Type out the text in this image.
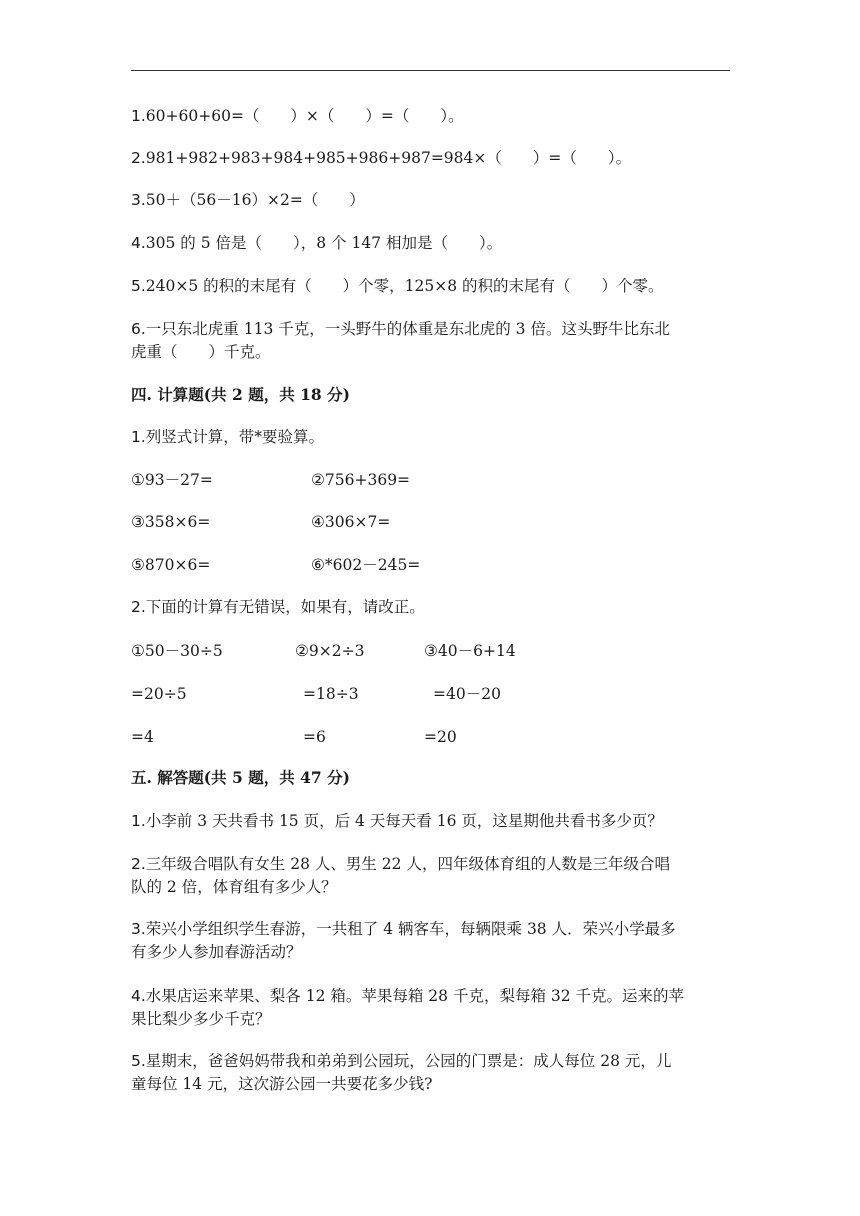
1.60+60+60=（　　）×（　　）=（　　）。
2.981+982+983+984+985+986+987=984×（　　）=（　　）。
3.50＋（56－16）×2=（　　）
4.305 的 5 倍是（　　），8 个 147 相加是（　　）。
5.240×5 的积的末尾有（　　）个零，125×8 的积的末尾有（　　）个零。
6.一只东北虎重 113 千克，一头野牛的体重是东北虎的 3 倍。这头野牛比东北
虎重（　　）千克。
四. 计算题(共 2 题，共 18 分)
1.列竖式计算，带*要验算。
①93－27=	②756+369=
③358×6=	④306×7=
⑤870×6=	⑥*602－245=
2.下面的计算有无错误，如果有，请改正。
①50－30÷5	②9×2÷3	③40－6+14
=20÷5	=18÷3	=40－20
=4	=6	=20
五. 解答题(共 5 题，共 47 分)
1.小李前 3 天共看书 15 页，后 4 天每天看 16 页，这星期他共看书多少页？
2.三年级合唱队有女生 28 人、男生 22 人，四年级体育组的人数是三年级合唱
队的 2 倍，体育组有多少人？
3.荣兴小学组织学生春游，一共租了 4 辆客车，每辆限乘 38 人．荣兴小学最多
有多少人参加春游活动？
4.水果店运来苹果、梨各 12 箱。苹果每箱 28 千克，梨每箱 32 千克。运来的苹
果比梨少多少千克？
5.星期末，爸爸妈妈带我和弟弟到公园玩，公园的门票是：成人每位 28 元，儿
童每位 14 元，这次游公园一共要花多少钱?
